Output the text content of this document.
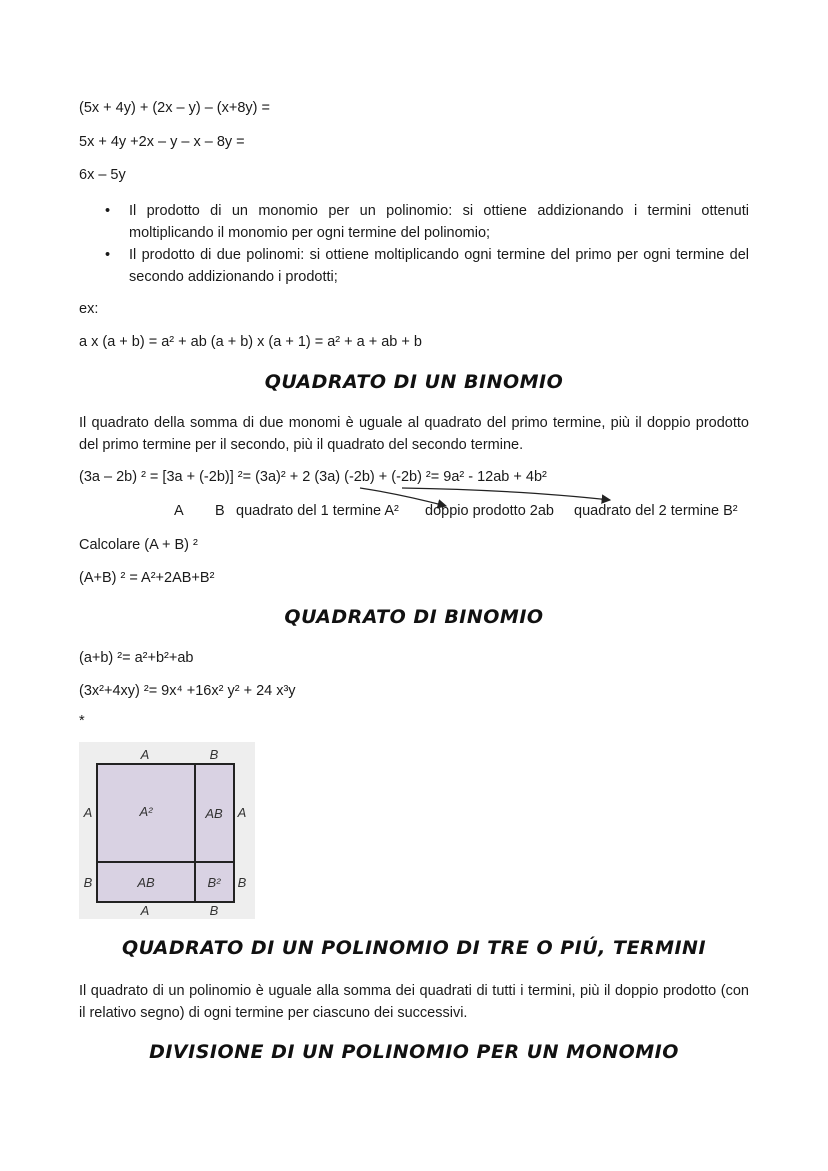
(5x + 4y) + (2x – y) – (x+8y) =
5x + 4y +2x – y – x – 8y =
6x – 5y
• Il prodotto di un monomio per un polinomio: si ottiene addizionando i termini ottenuti moltiplicando il monomio per ogni termine del polinomio;
• Il prodotto di due polinomi: si ottiene moltiplicando ogni termine del primo per ogni termine del secondo addizionando i prodotti;
ex:
a x (a + b) = a² + ab (a + b) x (a + 1) = a² + a + ab + b
QUADRATO DI UN BINOMIO
Il quadrato della somma di due monomi è uguale al quadrato del primo termine, più il doppio prodotto del primo termine per il secondo, più il quadrato del secondo termine.
(3a – 2b) ² = [3a + (-2b)] ²= (3a)² + 2 (3a) (-2b) + (-2b) ²= 9a² - 12ab + 4b²
A B quadrato del 1 termine A² doppio prodotto 2ab quadrato del 2 termine B²
Calcolare (A + B) ²
(A+B) ² = A²+2AB+B²
QUADRATO DI BINOMIO
(a+b) ²= a²+b²+ab
(3x²+4xy) ²= 9x⁴ +16x² y² + 24 x³y
*
A	B
A
B
A
B
A	B
A²	AB
AB	B²
QUADRATO DI UN POLINOMIO DI TRE O PIÚ, TERMINI
Il quadrato di un polinomio è uguale alla somma dei quadrati di tutti i termini, più il doppio prodotto (con il relativo segno) di ogni termine per ciascuno dei successivi.
DIVISIONE DI UN POLINOMIO PER UN MONOMIO
